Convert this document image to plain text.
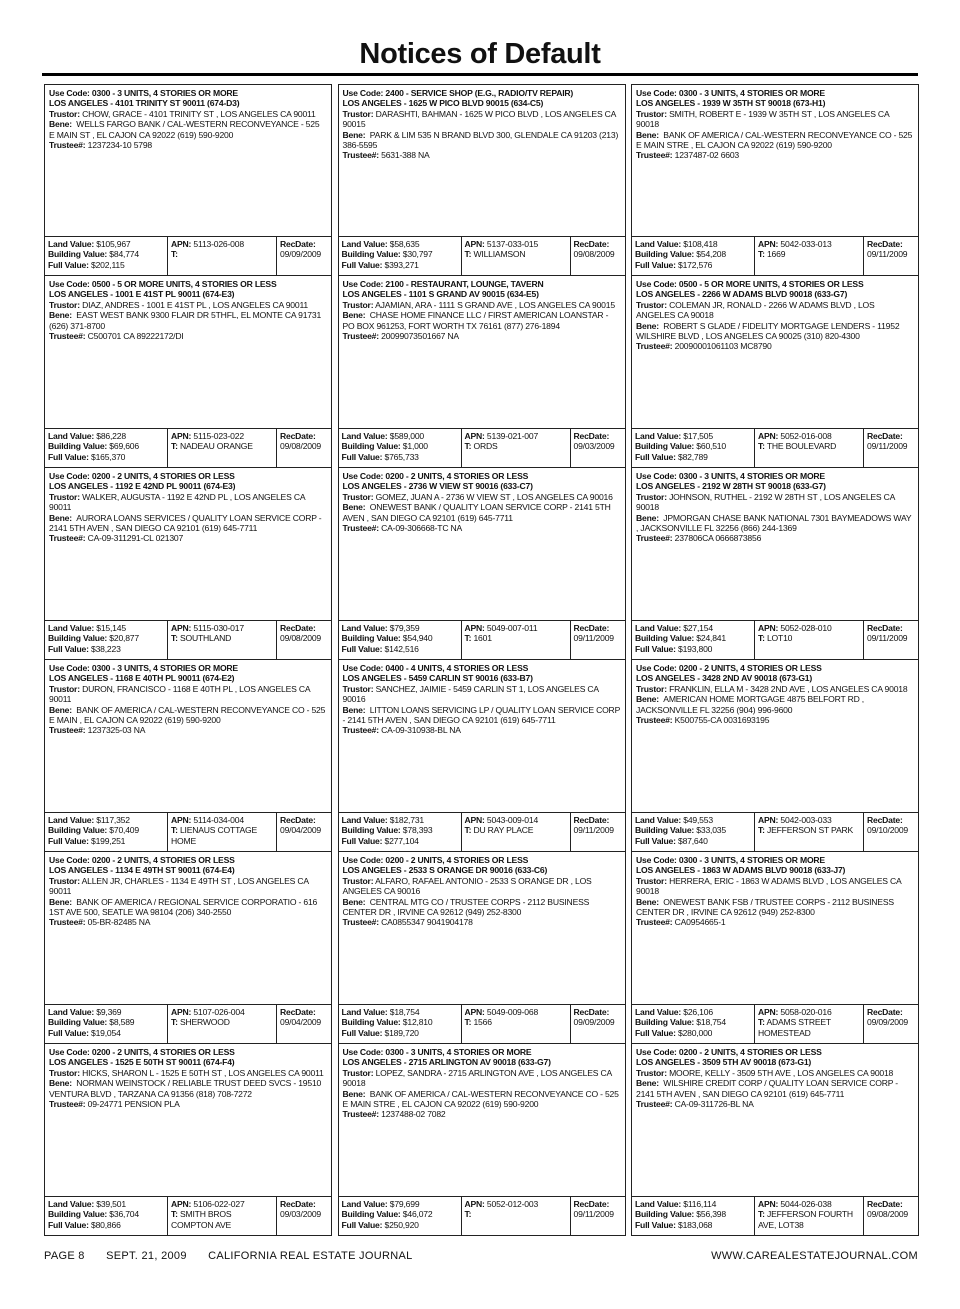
Notices of Default
Use Code: 0300 - 3 UNITS, 4 STORIES OR MORE
LOS ANGELES - 4101 TRINITY ST 90011 (674-D3)
Trustor: CHOW, GRACE - 4101 TRINITY ST , LOS ANGELES CA 90011
Bene: WELLS FARGO BANK / CAL-WESTERN RECONVEYANCE - 525 E MAIN ST , EL CAJON CA 92022 (619) 590-9200
Trustee#: 1237234-10 5798
Land Value: $105,967
Building Value: $84,774
Full Value: $202,115
APN: 5113-026-008
T:
RecDate:
09/09/2009
Use Code: 2400 - SERVICE SHOP (E.G., RADIO/TV REPAIR)
LOS ANGELES - 1625 W PICO BLVD 90015 (634-C5)
Trustor: DARASHTI, BAHMAN - 1625 W PICO BLVD , LOS ANGELES CA 90015
Bene: PARK & LIM 535 N BRAND BLVD 300, GLENDALE CA 91203 (213) 386-5595
Trustee#: 5631-388 NA
Land Value: $58,635
Building Value: $30,797
Full Value: $393,271
APN: 5137-033-015
T: WILLIAMSON
RecDate:
09/08/2009
Use Code: 0300 - 3 UNITS, 4 STORIES OR MORE
LOS ANGELES - 1939 W 35TH ST 90018 (673-H1)
Trustor: SMITH, ROBERT E - 1939 W 35TH ST , LOS ANGELES CA 90018
Bene: BANK OF AMERICA / CAL-WESTERN RECONVEYANCE CO - 525 E MAIN STRE , EL CAJON CA 92022 (619) 590-9200
Trustee#: 1237487-02 6603
Land Value: $108,418
Building Value: $54,208
Full Value: $172,576
APN: 5042-033-013
T: 1669
RecDate:
09/11/2009
Use Code: 0500 - 5 OR MORE UNITS, 4 STORIES OR LESS
LOS ANGELES - 1001 E 41ST PL 90011 (674-E3)
Trustor: DIAZ, ANDRES - 1001 E 41ST PL , LOS ANGELES CA 90011
Bene: EAST WEST BANK 9300 FLAIR DR 5THFL, EL MONTE CA 91731 (626) 371-8700
Trustee#: C500701 CA 89222172/DI
Land Value: $86,228
Building Value: $69,606
Full Value: $165,370
APN: 5115-023-022
T: NADEAU ORANGE
RecDate:
09/08/2009
Use Code: 2100 - RESTAURANT, LOUNGE, TAVERN
LOS ANGELES - 1101 S GRAND AV 90015 (634-E5)
Trustor: AJAMIAN, ARA - 1111 S GRAND AVE , LOS ANGELES CA 90015
Bene: CHASE HOME FINANCE LLC / FIRST AMERICAN LOANSTAR - PO BOX 961253, FORT WORTH TX 76161 (877) 276-1894
Trustee#: 20099073501667 NA
Land Value: $589,000
Building Value: $1,000
Full Value: $765,733
APN: 5139-021-007
T: ORDS
RecDate:
09/03/2009
Use Code: 0500 - 5 OR MORE UNITS, 4 STORIES OR LESS
LOS ANGELES - 2266 W ADAMS BLVD 90018 (633-G7)
Trustor: COLEMAN JR, RONALD - 2266 W ADAMS BLVD , LOS ANGELES CA 90018
Bene: ROBERT S GLADE / FIDELITY MORTGAGE LENDERS - 11952 WILSHIRE BLVD , LOS ANGELES CA 90025 (310) 820-4300
Trustee#: 20090001061103 MC8790
Land Value: $17,505
Building Value: $60,510
Full Value: $82,789
APN: 5052-016-008
T: THE BOULEVARD
RecDate:
09/11/2009
Use Code: 0200 - 2 UNITS, 4 STORIES OR LESS
LOS ANGELES - 1192 E 42ND PL 90011 (674-E3)
Trustor: WALKER, AUGUSTA - 1192 E 42ND PL , LOS ANGELES CA 90011
Bene: AURORA LOANS SERVICES / QUALITY LOAN SERVICE CORP - 2141 5TH AVEN , SAN DIEGO CA 92101 (619) 645-7711
Trustee#: CA-09-311291-CL 021307
Land Value: $15,145
Building Value: $20,877
Full Value: $38,223
APN: 5115-030-017
T: SOUTHLAND
RecDate:
09/08/2009
Use Code: 0200 - 2 UNITS, 4 STORIES OR LESS
LOS ANGELES - 2736 W VIEW ST 90016 (633-C7)
Trustor: GOMEZ, JUAN A - 2736 W VIEW ST , LOS ANGELES CA 90016
Bene: ONEWEST BANK / QUALITY LOAN SERVICE CORP - 2141 5TH AVEN , SAN DIEGO CA 92101 (619) 645-7711
Trustee#: CA-09-306668-TC NA
Land Value: $79,359
Building Value: $54,940
Full Value: $142,516
APN: 5049-007-011
T: 1601
RecDate:
09/11/2009
Use Code: 0300 - 3 UNITS, 4 STORIES OR MORE
LOS ANGELES - 2192 W 28TH ST 90018 (633-G7)
Trustor: JOHNSON, RUTHEL - 2192 W 28TH ST , LOS ANGELES CA 90018
Bene: JPMORGAN CHASE BANK NATIONAL 7301 BAYMEADOWS WAY , JACKSONVILLE FL 32256 (866) 244-1369
Trustee#: 237806CA 0666873856
Land Value: $27,154
Building Value: $24,841
Full Value: $193,800
APN: 5052-028-010
T: LOT10
RecDate:
09/11/2009
Use Code: 0300 - 3 UNITS, 4 STORIES OR MORE
LOS ANGELES - 1168 E 40TH PL 90011 (674-E2)
Trustor: DURON, FRANCISCO - 1168 E 40TH PL , LOS ANGELES CA 90011
Bene: BANK OF AMERICA / CAL-WESTERN RECONVEYANCE CO - 525 E MAIN , EL CAJON CA 92022 (619) 590-9200
Trustee#: 1237325-03 NA
Land Value: $117,352
Building Value: $70,409
Full Value: $199,251
APN: 5114-034-004
T: LIENAUS COTTAGE HOME
RecDate:
09/04/2009
Use Code: 0400 - 4 UNITS, 4 STORIES OR LESS
LOS ANGELES - 5459 CARLIN ST 90016 (633-B7)
Trustor: SANCHEZ, JAIMIE - 5459 CARLIN ST 1, LOS ANGELES CA 90016
Bene: LITTON LOANS SERVICING LP / QUALITY LOAN SERVICE CORP - 2141 5TH AVEN , SAN DIEGO CA 92101 (619) 645-7711
Trustee#: CA-09-310938-BL NA
Land Value: $182,731
Building Value: $78,393
Full Value: $277,104
APN: 5043-009-014
T: DU RAY PLACE
RecDate:
09/11/2009
Use Code: 0200 - 2 UNITS, 4 STORIES OR LESS
LOS ANGELES - 3428 2ND AV 90018 (673-G1)
Trustor: FRANKLIN, ELLA M - 3428 2ND AVE , LOS ANGELES CA 90018
Bene: AMERICAN HOME MORTGAGE 4875 BELFORT RD , JACKSONVILLE FL 32256 (904) 996-9600
Trustee#: K500755-CA 0031693195
Land Value: $49,553
Building Value: $33,035
Full Value: $87,640
APN: 5042-003-033
T: JEFFERSON ST PARK
RecDate:
09/10/2009
Use Code: 0200 - 2 UNITS, 4 STORIES OR LESS
LOS ANGELES - 1134 E 49TH ST 90011 (674-E4)
Trustor: ALLEN JR, CHARLES - 1134 E 49TH ST , LOS ANGELES CA 90011
Bene: BANK OF AMERICA / REGIONAL SERVICE CORPORATIO - 616 1ST AVE 500, SEATLE WA 98104 (206) 340-2550
Trustee#: 05-BR-82485 NA
Land Value: $9,369
Building Value: $8,589
Full Value: $19,054
APN: 5107-026-004
T: SHERWOOD
RecDate:
09/04/2009
Use Code: 0200 - 2 UNITS, 4 STORIES OR LESS
LOS ANGELES - 2533 S ORANGE DR 90016 (633-C6)
Trustor: ALFARO, RAFAEL ANTONIO - 2533 S ORANGE DR , LOS ANGELES CA 90016
Bene: CENTRAL MTG CO / TRUSTEE CORPS - 2112 BUSINESS CENTER DR , IRVINE CA 92612 (949) 252-8300
Trustee#: CA0855347 9041904178
Land Value: $18,754
Building Value: $12,810
Full Value: $189,720
APN: 5049-009-068
T: 1566
RecDate:
09/09/2009
Use Code: 0300 - 3 UNITS, 4 STORIES OR MORE
LOS ANGELES - 1863 W ADAMS BLVD 90018 (633-J7)
Trustor: HERRERA, ERIC - 1863 W ADAMS BLVD , LOS ANGELES CA 90018
Bene: ONEWEST BANK FSB / TRUSTEE CORPS - 2112 BUSINESS CENTER DR , IRVINE CA 92612 (949) 252-8300
Trustee#: CA0954665-1
Land Value: $26,106
Building Value: $18,754
Full Value: $280,000
APN: 5058-020-016
T: ADAMS STREET HOMESTEAD
RecDate:
09/09/2009
Use Code: 0200 - 2 UNITS, 4 STORIES OR LESS
LOS ANGELES - 1525 E 50TH ST 90011 (674-F4)
Trustor: HICKS, SHARON L - 1525 E 50TH ST , LOS ANGELES CA 90011
Bene: NORMAN WEINSTOCK / RELIABLE TRUST DEED SVCS - 19510 VENTURA BLVD , TARZANA CA 91356 (818) 708-7272
Trustee#: 09-24771 PENSION PLA
Land Value: $39,501
Building Value: $36,704
Full Value: $80,866
APN: 5106-022-027
T: SMITH BROS COMPTON AVE
RecDate:
09/03/2009
Use Code: 0300 - 3 UNITS, 4 STORIES OR MORE
LOS ANGELES - 2715 ARLINGTON AV 90018 (633-G7)
Trustor: LOPEZ, SANDRA - 2715 ARLINGTON AVE , LOS ANGELES CA 90018
Bene: BANK OF AMERICA / CAL-WESTERN RECONVEYANCE CO - 525 E MAIN STRE , EL CAJON CA 92022 (619) 590-9200
Trustee#: 1237488-02 7082
Land Value: $79,699
Building Value: $46,072
Full Value: $250,920
APN: 5052-012-003
T:
RecDate:
09/11/2009
Use Code: 0200 - 2 UNITS, 4 STORIES OR LESS
LOS ANGELES - 3509 5TH AV 90018 (673-G1)
Trustor: MOORE, KELLY - 3509 5TH AVE , LOS ANGELES CA 90018
Bene: WILSHIRE CREDIT CORP / QUALITY LOAN SERVICE CORP - 2141 5TH AVEN , SAN DIEGO CA 92101 (619) 645-7711
Trustee#: CA-09-311726-BL NA
Land Value: $116,114
Building Value: $56,398
Full Value: $183,068
APN: 5044-026-038
T: JEFFERSON FOURTH AVE, LOT38
RecDate:
09/08/2009
PAGE 8 SEPT. 21, 2009 CALIFORNIA REAL ESTATE JOURNAL	WWW.CAREALESTATEJOURNAL.COM
